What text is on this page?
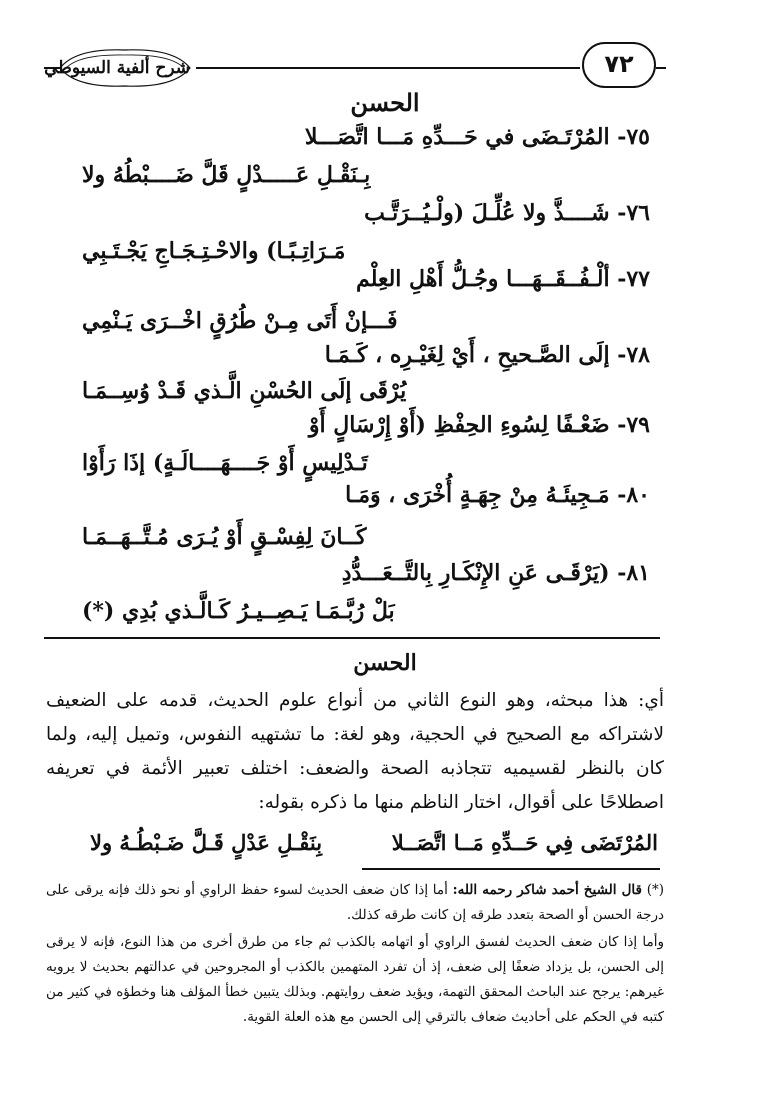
شرح ألفية السيوطي	٧٢
الحسن
٧٥- المُرْتَـضَى في حَـــدِّهِ مَـــا اتَّصَـــلا
بِـنَقْـلِ عَـــــدْلٍ قَلَّ ضَــــبْطُهُ ولا
٧٦- شَــــذَّ ولا عُلِّـلَ (ولْـيُــرَتَّـب
مَـرَاتِـبًـا) والاحْـتِـجَـاجِ يَجْـتَـبِي
٧٧- ألْـفُــقَــهَـــا وجُـلُّ أَهْلِ العِلْم
فَـــإنْ أَتَى مِـنْ طُرُقٍ اخْــرَى يَـنْمِي
٧٨- إلَى الصَّـحيحِ ، أَيْ لِغَيْـرِه ، كَـمَـا
يُرْقَى إلَى الحُسْنِ الَّـذي قَـدْ وُسِــمَـا
٧٩- ضَعْـفًا لِسُوءِ الحِفْظِ (أَوْ إِرْسَالٍ أَوْ
تَـدْلِيسٍ أَوْ جَــــهَــــالَـةٍ) إذَا رَأَوْا
٨٠- مَـجِيئَـهُ مِنْ جِهَـةٍ أُخْرَى ، وَمَـا
كَــانَ لِفِسْـقٍ أَوْ يُـرَى مُـتَّــهَــمَـا
٨١- (يَرْقَـى عَنِ الإِنْكَـارِ بِالتَّــعَـــدُّدِ
بَلْ رُبَّـمَـا يَـصِــيـرُ كَـالَّـذي بُدِي (*)
الحسن
أي: هذا مبحثه، وهو النوع الثاني من أنواع علوم الحديث، قدمه على الضعيف لاشتراكه مع الصحيح في الحجية، وهو لغة: ما تشتهيه النفوس، وتميل إليه، ولما كان بالنظر لقسيميه تتجاذبه الصحة والضعف: اختلف تعبير الأئمة في تعريفه اصطلاحًا على أقوال، اختار الناظم منها ما ذكره بقوله:
المُرْتَضَى فِي حَــدِّهِ مَــا اتَّصَــلا
بِنَقْـلِ عَدْلٍ قَـلَّ ضَـبْطُـهُ ولا
(*) قال الشيخ أحمد شاكر رحمه الله: أما إذا كان ضعف الحديث لسوء حفظ الراوي أو نحو ذلك فإنه يرقى على درجة الحسن أو الصحة بتعدد طرقه إن كانت طرقه كذلك.
وأما إذا كان ضعف الحديث لفسق الراوي أو اتهامه بالكذب ثم جاء من طرق أخرى من هذا النوع، فإنه لا يرقى إلى الحسن، بل يزداد ضعفًا إلى ضعف، إذ أن تفرد المتهمين بالكذب أو المجروحين في عدالتهم بحديث لا يرويه غيرهم: يرجح عند الباحث المحقق التهمة، ويؤيد ضعف روايتهم. وبذلك يتبين خطأ المؤلف هنا وخطؤه في كثير من كتبه في الحكم على أحاديث ضعاف بالترقي إلى الحسن مع هذه العلة القوية.
